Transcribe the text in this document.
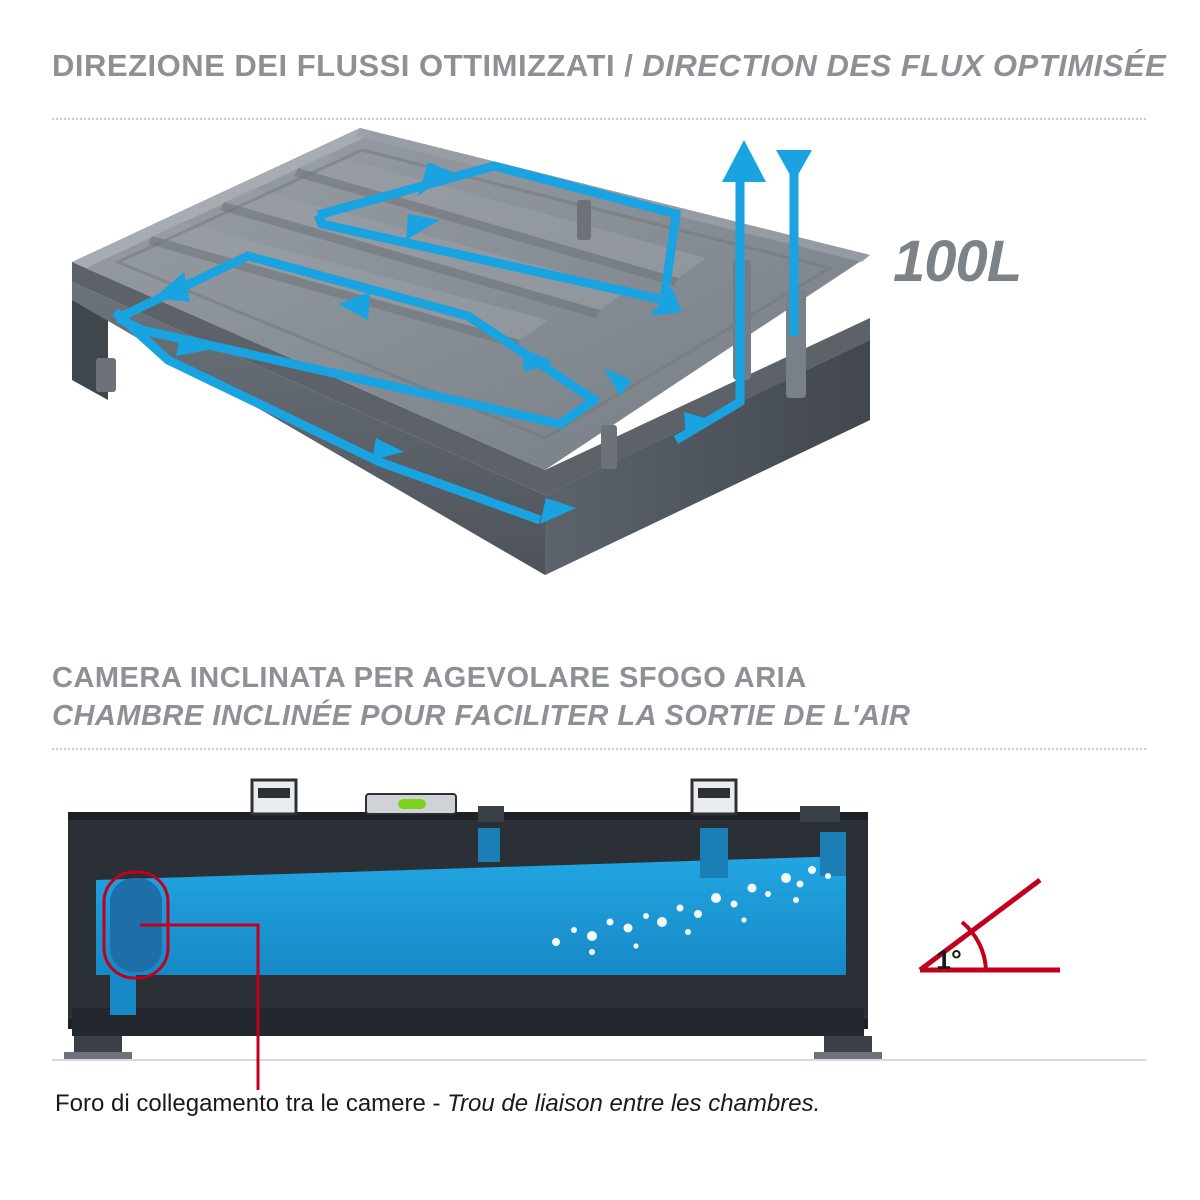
DIREZIONE DEI FLUSSI OTTIMIZZATI / DIRECTION DES FLUX OPTIMISÉE
100L
CAMERA INCLINATA PER AGEVOLARE SFOGO ARIA
CHAMBRE INCLINÉE POUR FACILITER LA SORTIE DE L'AIR
1°
Foro di collegamento tra le camere - Trou de liaison entre les chambres.
